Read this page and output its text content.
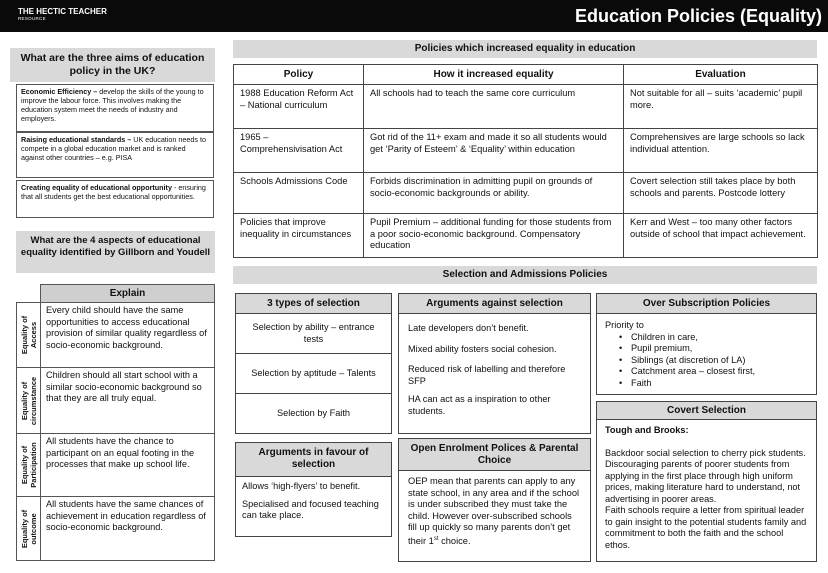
THE HECTIC TEACHER
RESOURCE	Education Policies (Equality)
What are the three aims of education policy in the UK?
Economic Efficiency – develop the skills of the young to improve the labour force. This involves making the education system meet the needs of industry and employers.
Raising educational standards – UK education needs to compete in a global education market and is ranked against other countries – e.g. PISA
Creating equality of educational opportunity - ensuring that all students get the best educational opportunities.
What are the 4 aspects of educational equality identified by Gillborn and Youdell
	Explain

Equality of
Access	Every child should have the same opportunities to access educational provision of similar quality regardless of socio-economic background.

Equality of
circumstance	Children should all start school with a similar socio-economic background so that they are all truly equal.

Equality of
Participation	All students have the chance to participant on an equal footing in the processes that make up school life.

Equality of
outcome	All students have the same chances of achievement in education regardless of socio-economic background.
Policies which increased equality in education
Policy	How it increased equality	Evaluation
1988 Education Reform Act – National curriculum	All schools had to teach the same core curriculum	Not suitable for all – suits ‘academic’ pupil more.
1965 – Comprehensivisation Act	Got rid of the 11+ exam and made it so all students would get ‘Parity of Esteem’ & ‘Equality’ within education	Comprehensives are large schools so lack individual attention.
Schools Admissions Code	Forbids discrimination in admitting pupil on grounds of socio-economic backgrounds or ability.	Covert selection still takes place by both schools and parents. Postcode lottery
Policies that improve inequality in circumstances	Pupil Premium – additional funding for those students from a poor socio-economic background. Compensatory education	Kerr and West – too many other factors outside of school that impact achievement.
Selection and Admissions Policies
3 types of selection
Selection by ability – entrance tests
Selection by aptitude – Talents
Selection by Faith
Arguments in favour of selection
Allows ‘high-flyers’ to benefit.
Specialised and focused teaching can take place.
Arguments against selection
Late developers don’t benefit.
Mixed ability fosters social cohesion.
Reduced risk of labelling and therefore SFP
HA can act as a inspiration to other students.
Open Enrolment Polices & Parental Choice
OEP mean that parents can apply to any state school, in any area and if the school is under subscribed they must take the child. However over-subscribed schools fill up quickly so many parents don’t get their 1st choice.
Over Subscription Policies
Priority to
• Children in care,
• Pupil premium,
• Siblings (at discretion of LA)
• Catchment area – closest first,
• Faith
Covert Selection
Tough and Brooks:
Backdoor social selection to cherry pick students. Discouraging parents of poorer students from applying in the first place through high uniform prices, making literature hard to understand, not advertising in poorer areas.
Faith schools require a letter from spiritual leader to gain insight to the potential students family and commitment to both the faith and the school ethos.
